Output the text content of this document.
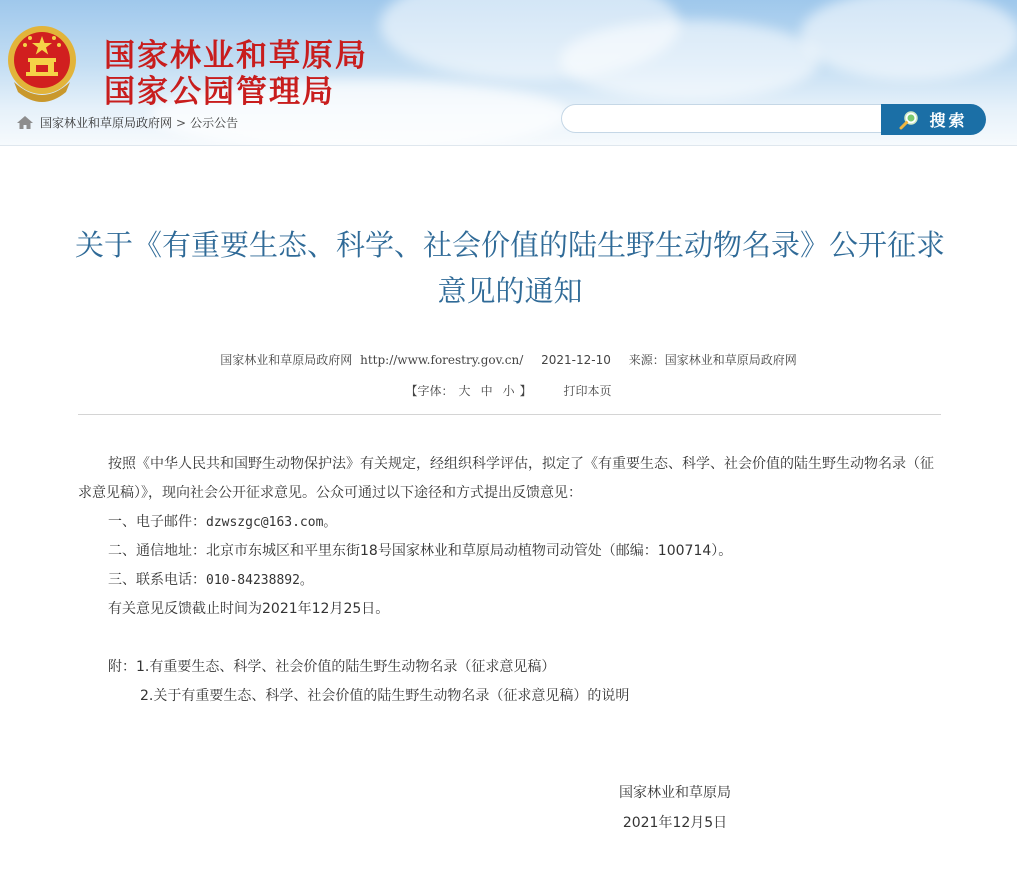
国家林业和草原局
国家公园管理局
国家林业和草原局政府网 > 公示公告	搜索
关于《有重要生态、科学、社会价值的陆生野生动物名录》公开征求意见的通知
国家林业和草原局政府网 http://www.forestry.gov.cn/ 2021-12-10 来源：国家林业和草原局政府网
【字体： 大 中 小 】	打印本页

按照《中华人民共和国野生动物保护法》有关规定，经组织科学评估，拟定了《有重要生态、科学、社会价值的陆生野生动物名录（征求意见稿）》，现向社会公开征求意见。公众可通过以下途径和方式提出反馈意见：

一、电子邮件：dzwszgc@163.com。

二、通信地址：北京市东城区和平里东街18号国家林业和草原局动植物司动管处（邮编：100714）。

三、联系电话：010-84238892。

有关意见反馈截止时间为2021年12月25日。

附：1.有重要生态、科学、社会价值的陆生野生动物名录（征求意见稿）

2.关于有重要生态、科学、社会价值的陆生野生动物名录（征求意见稿）的说明

国家林业和草原局
2021年12月5日
